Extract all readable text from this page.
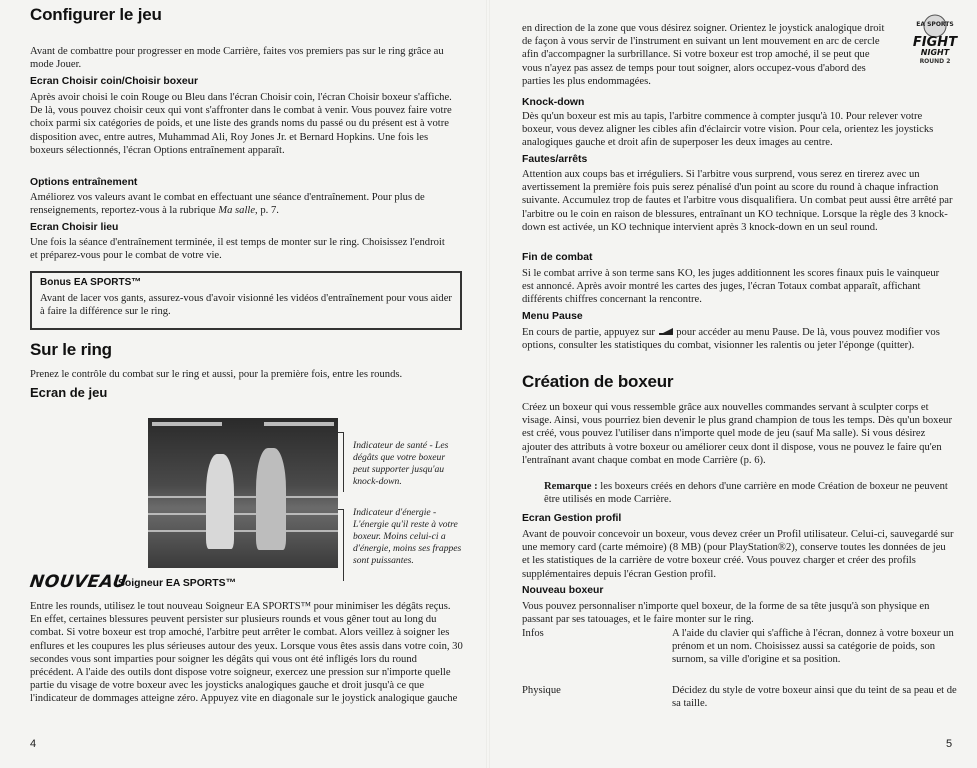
Configurer le jeu

Avant de combattre pour progresser en mode Carrière, faites vos premiers pas sur le ring grâce au mode Jouer.

Ecran Choisir coin/Choisir boxeur

Après avoir choisi le coin Rouge ou Bleu dans l'écran Choisir coin, l'écran Choisir boxeur s'affiche. De là, vous pouvez choisir ceux qui vont s'affronter dans le combat à venir. Vous pouvez faire votre choix parmi six catégories de poids, et une liste des grands noms du passé ou du présent est à votre disposition avec, entre autres, Muhammad Ali, Roy Jones Jr. et Bernard Hopkins. Une fois les boxeurs sélectionnés, l'écran Options entraînement apparaît.

Options entraînement

Améliorez vos valeurs avant le combat en effectuant une séance d'entraînement. Pour plus de renseignements, reportez-vous à la rubrique Ma salle, p. 7.

Ecran Choisir lieu

Une fois la séance d'entraînement terminée, il est temps de monter sur le ring. Choisissez l'endroit et préparez-vous pour le combat de votre vie.

Bonus EA SPORTS™

Avant de lacer vos gants, assurez-vous d'avoir visionné les vidéos d'entraînement pour vous aider à faire la différence sur le ring.

Sur le ring

Prenez le contrôle du combat sur le ring et aussi, pour la première fois, entre les rounds.

Ecran de jeu
Indicateur de santé - Les dégâts que votre boxeur peut supporter jusqu'au knock-down.
Indicateur d'énergie - L'énergie qu'il reste à votre boxeur. Moins celui-ci a d'énergie, moins ses frappes sont puissantes.
NOUVEAU
Soigneur EA SPORTS™

Entre les rounds, utilisez le tout nouveau Soigneur EA SPORTS™ pour minimiser les dégâts reçus. En effet, certaines blessures peuvent persister sur plusieurs rounds et vous gêner tout au long du combat. Si votre boxeur est trop amoché, l'arbitre peut arrêter le combat. Alors veillez à soigner les enflures et les coupures les plus sérieuses autour des yeux. Lorsque vous êtes assis dans votre coin, 30 secondes vous sont imparties pour soigner les dégâts qui vous ont été infligés lors du round précédent. A l'aide des outils dont dispose votre soigneur, exercez une pression sur n'importe quelle partie du visage de votre boxeur avec les joysticks analogiques gauche et droit jusqu'à ce que l'indicateur de dommages atteigne zéro. Appuyez vite en diagonale sur le joystick analogique gauche

4
EA SPORTS
FIGHT
NIGHT
ROUND 2

en direction de la zone que vous désirez soigner. Orientez le joystick analogique droit de façon à vous servir de l'instrument en suivant un lent mouvement en arc de cercle afin d'accompagner la surbrillance. Si votre boxeur est trop amoché, il se peut que vous n'ayez pas assez de temps pour tout soigner, alors occupez-vous d'abord des parties les plus endommagées.

Knock-down

Dès qu'un boxeur est mis au tapis, l'arbitre commence à compter jusqu'à 10. Pour relever votre boxeur, vous devez aligner les cibles afin d'éclaircir votre vision. Pour cela, orientez les joysticks analogiques gauche et droit afin de superposer les deux images au centre.

Fautes/arrêts

Attention aux coups bas et irréguliers. Si l'arbitre vous surprend, vous serez en tirerez avec un avertissement la première fois puis serez pénalisé d'un point au score du round à chaque infraction suivante. Accumulez trop de fautes et l'arbitre vous disqualifiera. Un combat peut aussi être arrêté par l'arbitre ou le coin en raison de blessures, entraînant un KO technique. Lorsque la règle des 3 knock-down est activée, un KO technique intervient après 3 knock-down en un seul round.

Fin de combat

Si le combat arrive à son terme sans KO, les juges additionnent les scores finaux puis le vainqueur est annoncé. Après avoir montré les cartes des juges, l'écran Totaux combat apparaît, affichant différents chiffres concernant la rencontre.

Menu Pause

En cours de partie, appuyez sur  pour accéder au menu Pause. De là, vous pouvez modifier vos options, consulter les statistiques du combat, visionner les ralentis ou jeter l'éponge (quitter).

Création de boxeur

Créez un boxeur qui vous ressemble grâce aux nouvelles commandes servant à sculpter corps et visage. Ainsi, vous pourriez bien devenir le plus grand champion de tous les temps. Dès qu'un boxeur est créé, vous pouvez l'utiliser dans n'importe quel mode de jeu (sauf Ma salle). Si vous désirez ajouter des attributs à votre boxeur ou améliorer ceux dont il dispose, vous ne pouvez le faire qu'en l'entraînant avant chaque combat en mode Carrière (p. 6).

Remarque : les boxeurs créés en dehors d'une carrière en mode Création de boxeur ne peuvent être utilisés en mode Carrière.

Ecran Gestion profil

Avant de pouvoir concevoir un boxeur, vous devez créer un Profil utilisateur. Celui-ci, sauvegardé sur une memory card (carte mémoire) (8 MB) (pour PlayStation®2), conserve toutes les données de jeu et les statistiques de la carrière de votre boxeur créé. Vous pouvez charger et créer des profils supplémentaires depuis l'écran Gestion profil.

Nouveau boxeur

Vous pouvez personnaliser n'importe quel boxeur, de la forme de sa tête jusqu'à son physique en passant par ses tatouages, et le faire monter sur le ring.

Infos	A l'aide du clavier qui s'affiche à l'écran, donnez à votre boxeur un prénom et un nom. Choisissez aussi sa catégorie de poids, son surnom, sa ville d'origine et sa position.

Physique	Décidez du style de votre boxeur ainsi que du teint de sa peau et de sa taille.

5
